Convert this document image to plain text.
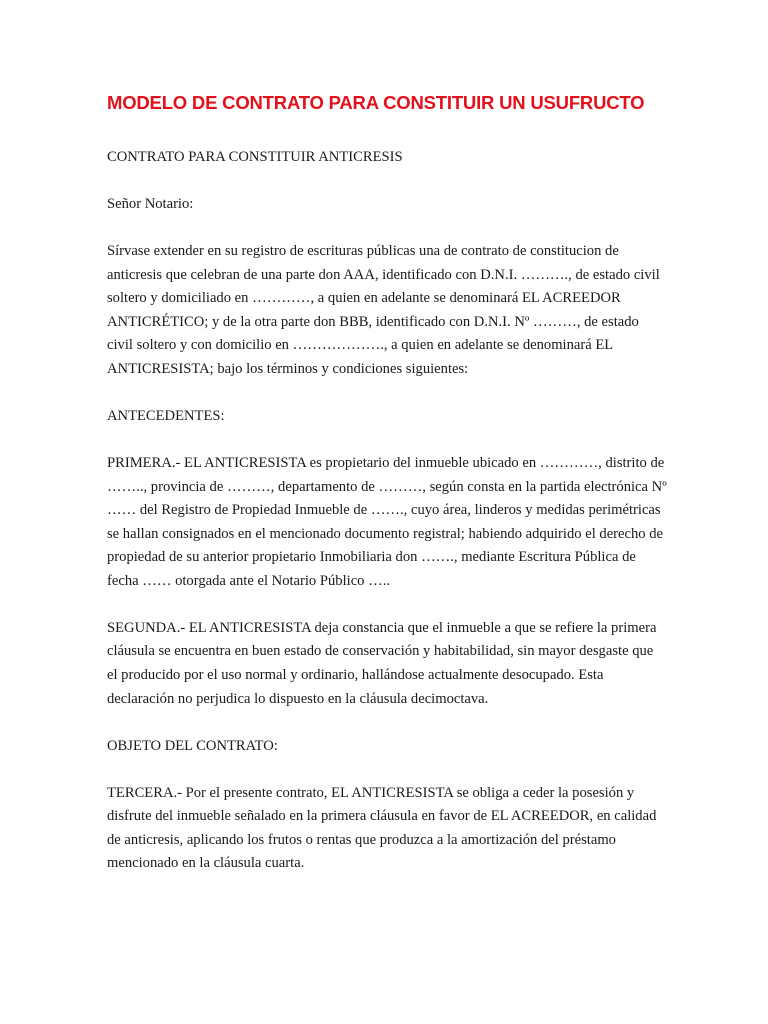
MODELO DE CONTRATO PARA CONSTITUIR UN USUFRUCTO

CONTRATO PARA CONSTITUIR ANTICRESIS

Señor Notario:

Sírvase extender en su registro de escrituras públicas una de contrato de constitucion de anticresis que celebran de una parte don AAA, identificado con D.N.I. ………., de estado civil soltero y domiciliado en …………, a quien en adelante se denominará EL ACREEDOR ANTICRÉTICO; y de la otra parte don BBB, identificado con D.N.I. Nº ………, de estado civil soltero y con domicilio en ………………., a quien en adelante se denominará EL ANTICRESISTA; bajo los términos y condiciones siguientes:

ANTECEDENTES:

PRIMERA.- EL ANTICRESISTA es propietario del inmueble ubicado en …………, distrito de …….., provincia de ………, departamento de ………, según consta en la partida electrónica Nº …… del Registro de Propiedad Inmueble de ……., cuyo área, linderos y medidas perimétricas se hallan consignados en el mencionado documento registral; habiendo adquirido el derecho de propiedad de su anterior propietario Inmobiliaria don ……., mediante Escritura Pública de fecha …… otorgada ante el Notario Público …..

SEGUNDA.- EL ANTICRESISTA deja constancia que el inmueble a que se refiere la primera cláusula se encuentra en buen estado de conservación y habitabilidad, sin mayor desgaste que el producido por el uso normal y ordinario, hallándose actualmente desocupado. Esta declaración no perjudica lo dispuesto en la cláusula decimoctava.

OBJETO DEL CONTRATO:

TERCERA.- Por el presente contrato, EL ANTICRESISTA se obliga a ceder la posesión y disfrute del inmueble señalado en la primera cláusula en favor de EL ACREEDOR, en calidad de anticresis, aplicando los frutos o rentas que produzca a la amortización del préstamo mencionado en la cláusula cuarta.
